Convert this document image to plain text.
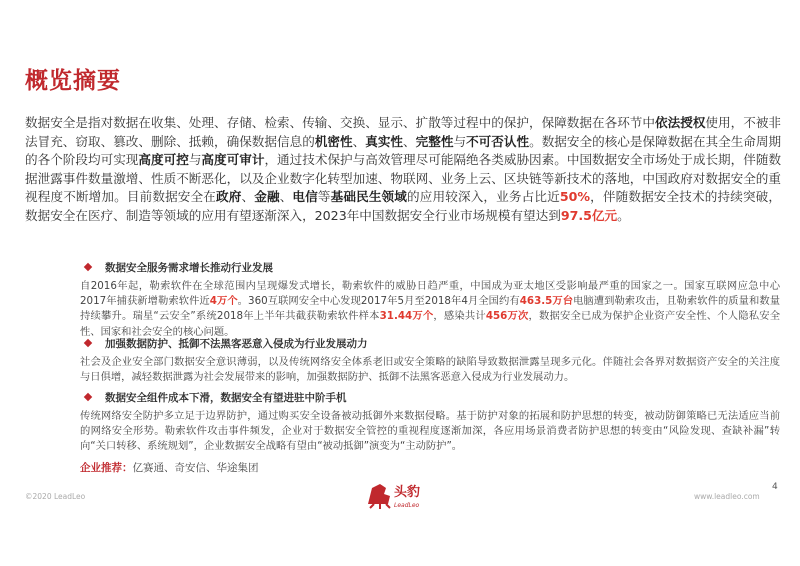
概览摘要
数据安全是指对数据在收集、处理、存储、检索、传输、交换、显示、扩散等过程中的保护，保障数据在各环节中依法授权使用，不被非法冒充、窃取、篡改、删除、抵赖，确保数据信息的机密性、真实性、完整性与不可否认性。数据安全的核心是保障数据在其全生命周期的各个阶段均可实现高度可控与高度可审计，通过技术保护与高效管理尽可能隔绝各类威胁因素。中国数据安全市场处于成长期，伴随数据泄露事件数量激增、性质不断恶化，以及企业数字化转型加速、物联网、业务上云、区块链等新技术的落地，中国政府对数据安全的重视程度不断增加。目前数据安全在政府、金融、电信等基础民生领域的应用较深入，业务占比近50%，伴随数据安全技术的持续突破，数据安全在医疗、制造等领域的应用有望逐渐深入，2023年中国数据安全行业市场规模有望达到97.5亿元。
数据安全服务需求增长推动行业发展
自2016年起，勒索软件在全球范围内呈现爆发式增长，勒索软件的威胁日趋严重，中国成为亚太地区受影响最严重的国家之一。国家互联网应急中心2017年捕获新增勒索软件近4万个。360互联网安全中心发现2017年5月至2018年4月全国约有463.5万台电脑遭到勒索攻击，且勒索软件的质量和数量持续攀升。瑞星“云安全”系统2018年上半年共截获勒索软件样本31.44万个，感染共计456万次，数据安全已成为保护企业资产安全性、个人隐私安全性、国家和社会安全的核心问题。
加强数据防护、抵御不法黑客恶意入侵成为行业发展动力
社会及企业安全部门数据安全意识薄弱，以及传统网络安全体系老旧或安全策略的缺陷导致数据泄露呈现多元化。伴随社会各界对数据资产安全的关注度与日俱增，减轻数据泄露为社会发展带来的影响，加强数据防护、抵御不法黑客恶意入侵成为行业发展动力。
数据安全组件成本下滑，数据安全有望进驻中阶手机
传统网络安全防护多立足于边界防护，通过购买安全设备被动抵御外来数据侵略。基于防护对象的拓展和防护思想的转变，被动防御策略已无法适应当前的网络安全形势。勒索软件攻击事件频发，企业对于数据安全管控的重视程度逐渐加深，各应用场景消费者防护思想的转变由“风险发现、查缺补漏”转向“关口转移、系统规划”，企业数据安全战略有望由“被动抵御”演变为“主动防护”。
企业推荐：亿赛通、奇安信、华途集团
©2020 LeadLeo	头豹
LeadLeo
www.leadleo.com
4
